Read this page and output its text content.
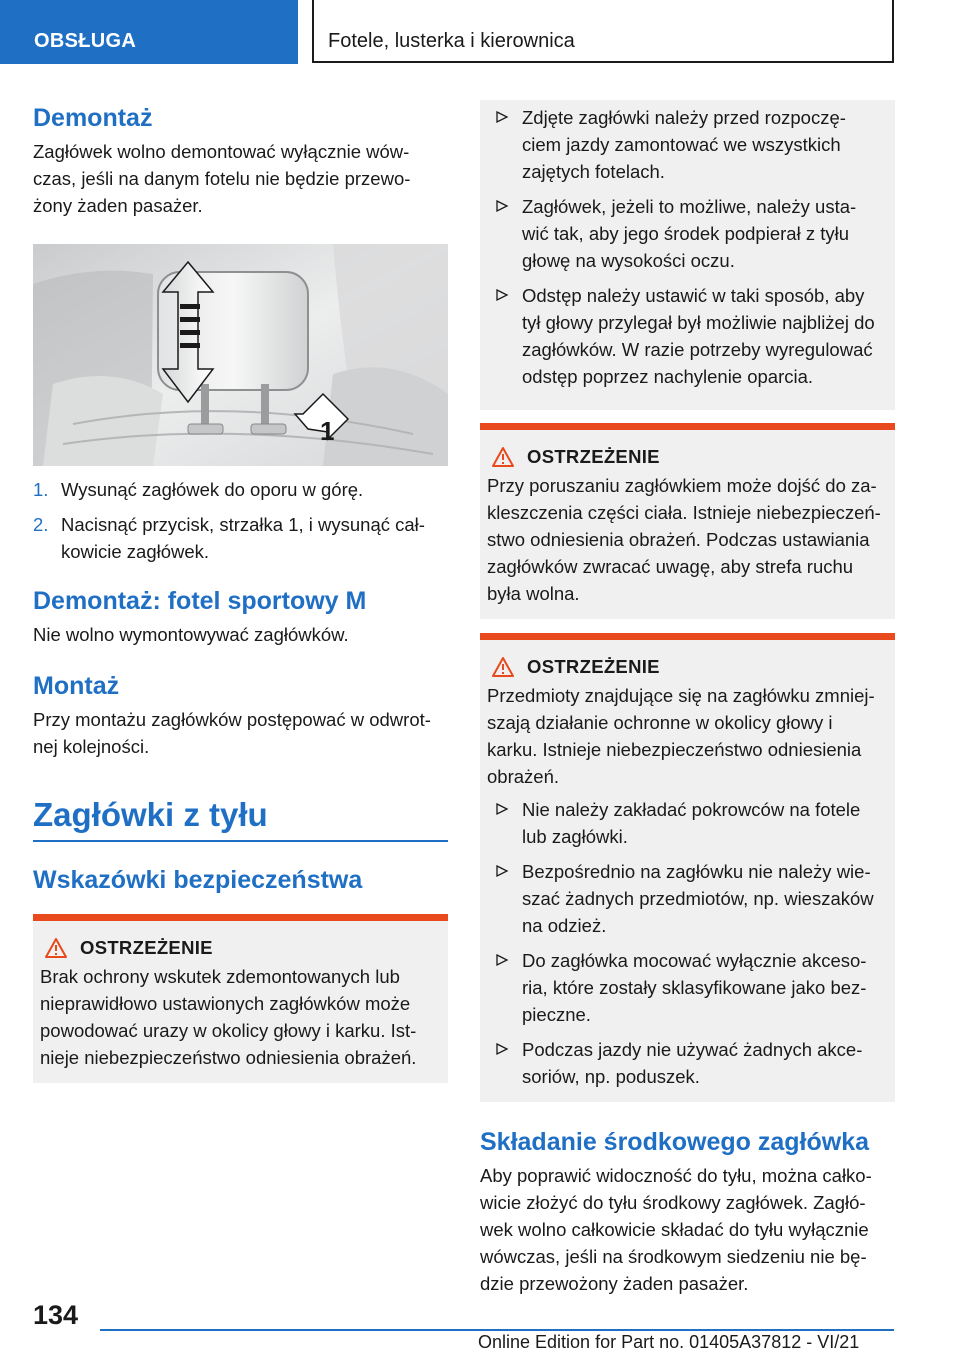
OBSŁUGA	Fotele, lusterka i kierownica
Demontaż

Zagłówek wolno demontować wyłącznie wów-
czas, jeśli na danym fotelu nie będzie przewo-
żony żaden pasażer.

1
1. Wysunąć zagłówek do oporu w górę.
2. Nacisnąć przycisk, strzałka 1, i wysunąć cał-
kowicie zagłówek.
Demontaż: fotel sportowy M

Nie wolno wymontowywać zagłówków.

Montaż

Przy montażu zagłówków postępować w odwrot-
nej kolejności.

Zagłówki z tyłu
Wskazówki bezpieczeństwa
OSTRZEŻENIE

Brak ochrony wskutek zdemontowanych lub
nieprawidłowo ustawionych zagłówków może
powodować urazy w okolicy głowy i karku. Ist-
nieje niebezpieczeństwo odniesienia obrażeń.

Zdjęte zagłówki należy przed rozpoczę-
ciem jazdy zamontować we wszystkich
zajętych fotelach.
Zagłówek, jeżeli to możliwe, należy usta-
wić tak, aby jego środek podpierał z tyłu
głowę na wysokości oczu.
Odstęp należy ustawić w taki sposób, aby
tył głowy przylegał był możliwie najbliżej do
zagłówków. W razie potrzeby wyregulować
odstęp poprzez nachylenie oparcia.
OSTRZEŻENIE

Przy poruszaniu zagłówkiem może dojść do za-
kleszczenia części ciała. Istnieje niebezpieczeń-
stwo odniesienia obrażeń. Podczas ustawiania
zagłówków zwracać uwagę, aby strefa ruchu
była wolna.

OSTRZEŻENIE

Przedmioty znajdujące się na zagłówku zmniej-
szają działanie ochronne w okolicy głowy i
karku. Istnieje niebezpieczeństwo odniesienia
obrażeń.

Nie należy zakładać pokrowców na fotele
lub zagłówki.
Bezpośrednio na zagłówku nie należy wie-
szać żadnych przedmiotów, np. wieszaków
na odzież.
Do zagłówka mocować wyłącznie akceso-
ria, które zostały sklasyfikowane jako bez-
pieczne.
Podczas jazdy nie używać żadnych akce-
soriów, np. poduszek.
Składanie środkowego zagłówka

Aby poprawić widoczność do tyłu, można całko-
wicie złożyć do tyłu środkowy zagłówek. Zagłó-
wek wolno całkowicie składać do tyłu wyłącznie
wówczas, jeśli na środkowym siedzeniu nie bę-
dzie przewożony żaden pasażer.

134
Online Edition for Part no. 01405A37812 - VI/21
